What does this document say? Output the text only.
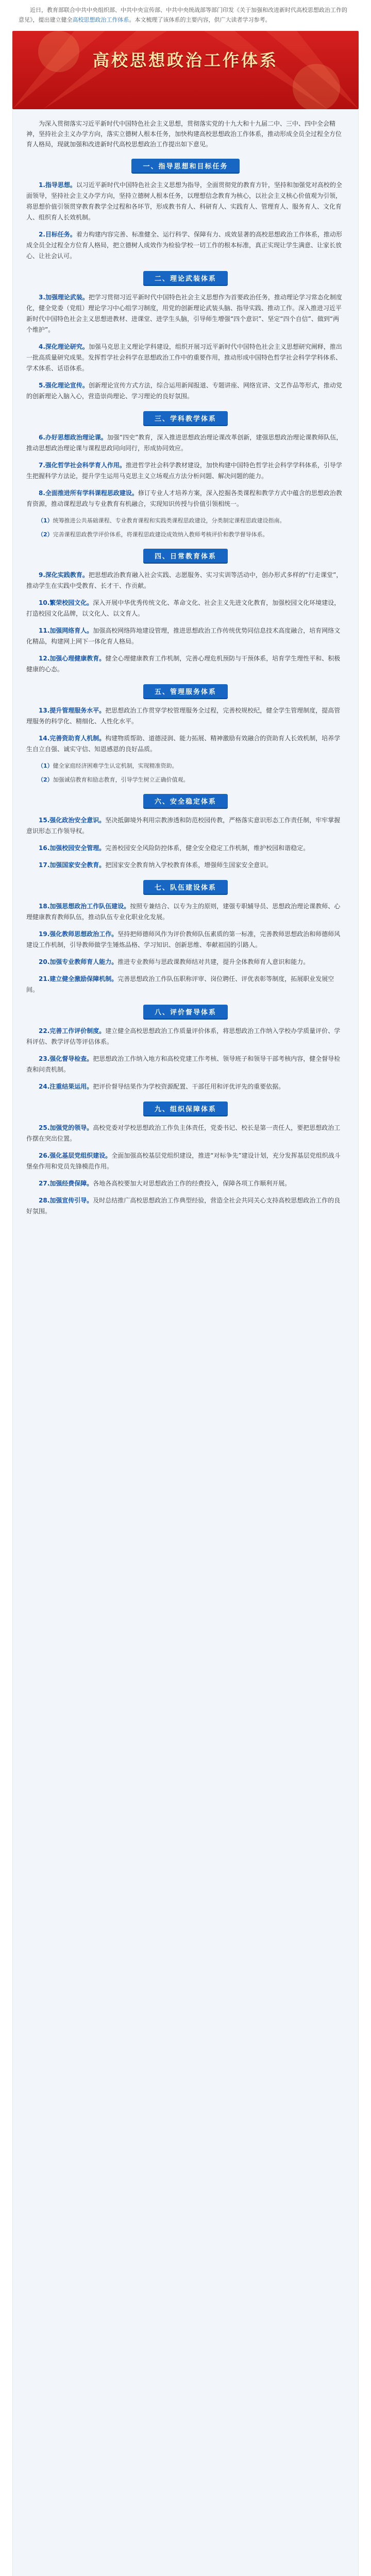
近日，教育部联合中共中央组织部、中共中央宣传部、中共中央统战部等部门印发《关于加强和改进新时代高校思想政治工作的意见》，提出建立健全高校思想政治工作体系。本文梳理了该体系的主要内容，供广大读者学习参考。
高校思想政治工作体系

为深入贯彻落实习近平新时代中国特色社会主义思想，贯彻落实党的十九大和十九届二中、三中、四中全会精神，坚持社会主义办学方向，落实立德树人根本任务，加快构建高校思想政治工作体系，推动形成全员全过程全方位育人格局，现就加强和改进新时代高校思想政治工作提出如下意见。

一、指导思想和目标任务

1.指导思想。以习近平新时代中国特色社会主义思想为指导，全面贯彻党的教育方针，坚持和加强党对高校的全面领导，坚持社会主义办学方向，坚持立德树人根本任务，以理想信念教育为核心，以社会主义核心价值观为引领，将思想价值引领贯穿教育教学全过程和各环节，形成教书育人、科研育人、实践育人、管理育人、服务育人、文化育人、组织育人长效机制。

2.目标任务。着力构建内容完善、标准健全、运行科学、保障有力、成效显著的高校思想政治工作体系，推动形成全员全过程全方位育人格局，把立德树人成效作为检验学校一切工作的根本标准，真正实现让学生满意、让家长放心、让社会认可。

二、理论武装体系

3.加强理论武装。把学习贯彻习近平新时代中国特色社会主义思想作为首要政治任务，推动理论学习常态化制度化，健全党委（党组）理论学习中心组学习制度，用党的创新理论武装头脑、指导实践、推动工作。深入推进习近平新时代中国特色社会主义思想进教材、进课堂、进学生头脑，引导师生增强“四个意识”、坚定“四个自信”、做到“两个维护”。

4.深化理论研究。加强马克思主义理论学科建设，组织开展习近平新时代中国特色社会主义思想研究阐释，推出一批高质量研究成果。发挥哲学社会科学在思想政治工作中的重要作用，推动形成中国特色哲学社会科学学科体系、学术体系、话语体系。

5.强化理论宣传。创新理论宣传方式方法，综合运用新闻报道、专题讲座、网络宣讲、文艺作品等形式，推动党的创新理论入脑入心，营造崇尚理论、学习理论的良好氛围。

三、学科教学体系

6.办好思想政治理论课。加强“四史”教育，深入推进思想政治理论课改革创新，建强思想政治理论课教师队伍，推动思想政治理论课与课程思政同向同行，形成协同效应。

7.强化哲学社会科学育人作用。推进哲学社会科学教材建设，加快构建中国特色哲学社会科学学科体系，引导学生把握科学方法论，提升学生运用马克思主义立场观点方法分析问题、解决问题的能力。

8.全面推进所有学科课程思政建设。修订专业人才培养方案，深入挖掘各类课程和教学方式中蕴含的思想政治教育资源，推动课程思政与专业教育有机融合，实现知识传授与价值引领相统一。

（1）统筹推进公共基础课程、专业教育课程和实践类课程思政建设，分类制定课程思政建设指南。

（2）完善课程思政教学评价体系，将课程思政建设成效纳入教师考核评价和教学督导体系。

四、日常教育体系

9.深化实践教育。把思想政治教育融入社会实践、志愿服务、实习实训等活动中，创办形式多样的“行走课堂”，推动学生在实践中受教育、长才干、作贡献。

10.繁荣校园文化。深入开展中华优秀传统文化、革命文化、社会主义先进文化教育，加强校园文化环境建设，打造校园文化品牌，以文化人、以文育人。

11.加强网络育人。加强高校网络阵地建设管理，推进思想政治工作传统优势同信息技术高度融合，培育网络文化精品，构建网上网下一体化育人格局。

12.加强心理健康教育。健全心理健康教育工作机制，完善心理危机预防与干预体系，培育学生理性平和、积极健康的心态。

五、管理服务体系

13.提升管理服务水平。把思想政治工作贯穿学校管理服务全过程，完善校规校纪，健全学生管理制度，提高管理服务的科学化、精细化、人性化水平。

14.完善资助育人机制。构建物质帮助、道德浸润、能力拓展、精神激励有效融合的资助育人长效机制，培养学生自立自强、诚实守信、知恩感恩的良好品质。

（1）健全家庭经济困难学生认定机制，实现精准资助。

（2）加强诚信教育和励志教育，引导学生树立正确价值观。

六、安全稳定体系

15.强化政治安全意识。坚决抵御境外利用宗教渗透和防范校园传教，严格落实意识形态工作责任制，牢牢掌握意识形态工作领导权。

16.加强校园安全管理。完善校园安全风险防控体系，健全安全稳定工作机制，维护校园和谐稳定。

17.加强国家安全教育。把国家安全教育纳入学校教育体系，增强师生国家安全意识。

七、队伍建设体系

18.加强思想政治工作队伍建设。按照专兼结合、以专为主的原则，建强专职辅导员、思想政治理论课教师、心理健康教育教师队伍，推动队伍专业化职业化发展。

19.强化教师思想政治工作。坚持把师德师风作为评价教师队伍素质的第一标准，完善教师思想政治和师德师风建设工作机制，引导教师做学生锤炼品格、学习知识、创新思维、奉献祖国的引路人。

20.加强专业教师育人能力。推进专业教师与思政课教师结对共建，提升全体教师育人意识和能力。

21.建立健全激励保障机制。完善思想政治工作队伍职称评审、岗位聘任、评优表彰等制度，拓展职业发展空间。

八、评价督导体系

22.完善工作评价制度。建立健全高校思想政治工作质量评价体系，将思想政治工作纳入学校办学质量评价、学科评估、教学评估等评估体系。

23.强化督导检查。把思想政治工作纳入地方和高校党建工作考核、领导班子和领导干部考核内容，健全督导检查和问责机制。

24.注重结果运用。把评价督导结果作为学校资源配置、干部任用和评优评先的重要依据。

九、组织保障体系

25.加强党的领导。高校党委对学校思想政治工作负主体责任，党委书记、校长是第一责任人，要把思想政治工作摆在突出位置。

26.强化基层党组织建设。全面加强高校基层党组织建设，推进“对标争先”建设计划，充分发挥基层党组织战斗堡垒作用和党员先锋模范作用。

27.加强经费保障。各地各高校要加大对思想政治工作的经费投入，保障各项工作顺利开展。

28.加强宣传引导。及时总结推广高校思想政治工作典型经验，营造全社会共同关心支持高校思想政治工作的良好氛围。
